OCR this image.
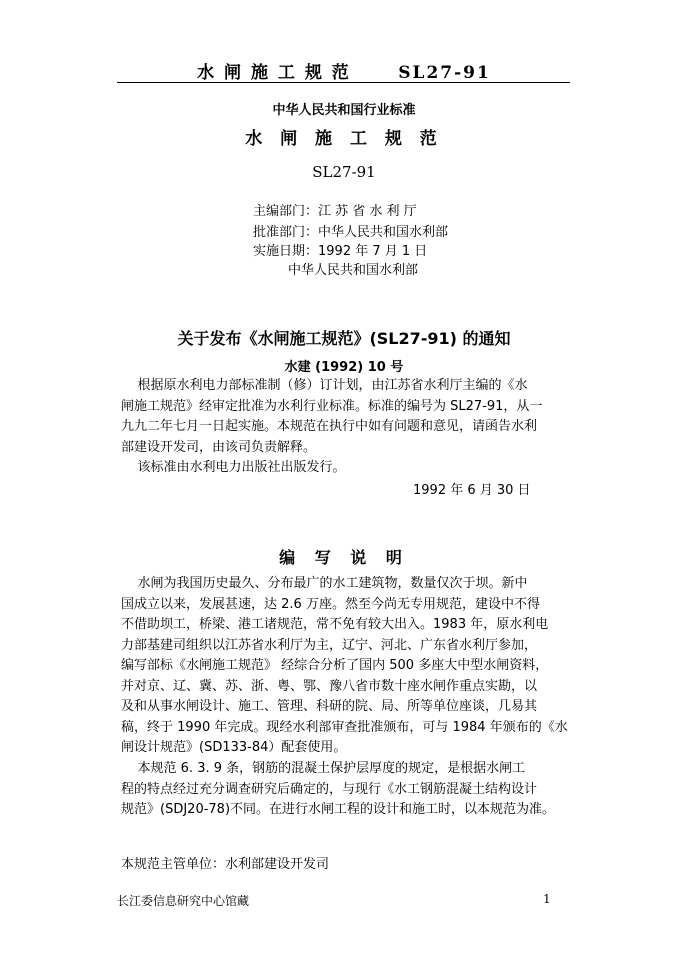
水 闸 施 工 规 范      SL27-91
中华人民共和国行业标准
水 闸 施 工 规 范
SL27-91
主编部门：江 苏 省 水 利 厅
批准部门：中华人民共和国水利部
实施日期：1992 年 7 月 1 日
中华人民共和国水利部
关于发布《水闸施工规范》(SL27-91) 的通知
水建 (1992) 10 号
根据原水利电力部标准制（修）订计划，由江苏省水利厅主编的《水
闸施工规范》经审定批准为水利行业标准。标准的编号为 SL27-91，从一
九九二年七月一日起实施。本规范在执行中如有问题和意见，请函告水利
部建设开发司，由该司负责解释。
该标准由水利电力出版社出版发行。
1992 年 6 月 30 日
编 写 说 明
水闸为我国历史最久、分布最广的水工建筑物，数量仅次于坝。新中
国成立以来，发展甚速，达 2.6 万座。然至今尚无专用规范，建设中不得
不借助坝工，桥梁、港工诸规范，常不免有较大出入。1983 年，原水利电
力部基建司组织以江苏省水利厅为主，辽宁、河北、广东省水利厅参加，
编写部标《水闸施工规范》 经综合分析了国内 500 多座大中型水闸资料，
并对京、辽、冀、苏、浙、粤、鄂、豫八省市数十座水闸作重点实勘，以
及和从事水闸设计、施工、管理、科研的院、局、所等单位座谈，几易其
稿，终于 1990 年完成。现经水利部审查批准颁布，可与 1984 年颁布的《水
闸设计规范》(SD133-84）配套使用。
本规范 6. 3. 9 条，钢筋的混凝土保护层厚度的规定，是根据水闸工
程的特点经过充分调查研究后确定的，与现行《水工钢筋混凝土结构设计
规范》(SDJ20-78)不同。在进行水闸工程的设计和施工时，以本规范为准。
本规范主管单位：水利部建设开发司
长江委信息研究中心馆藏	1
